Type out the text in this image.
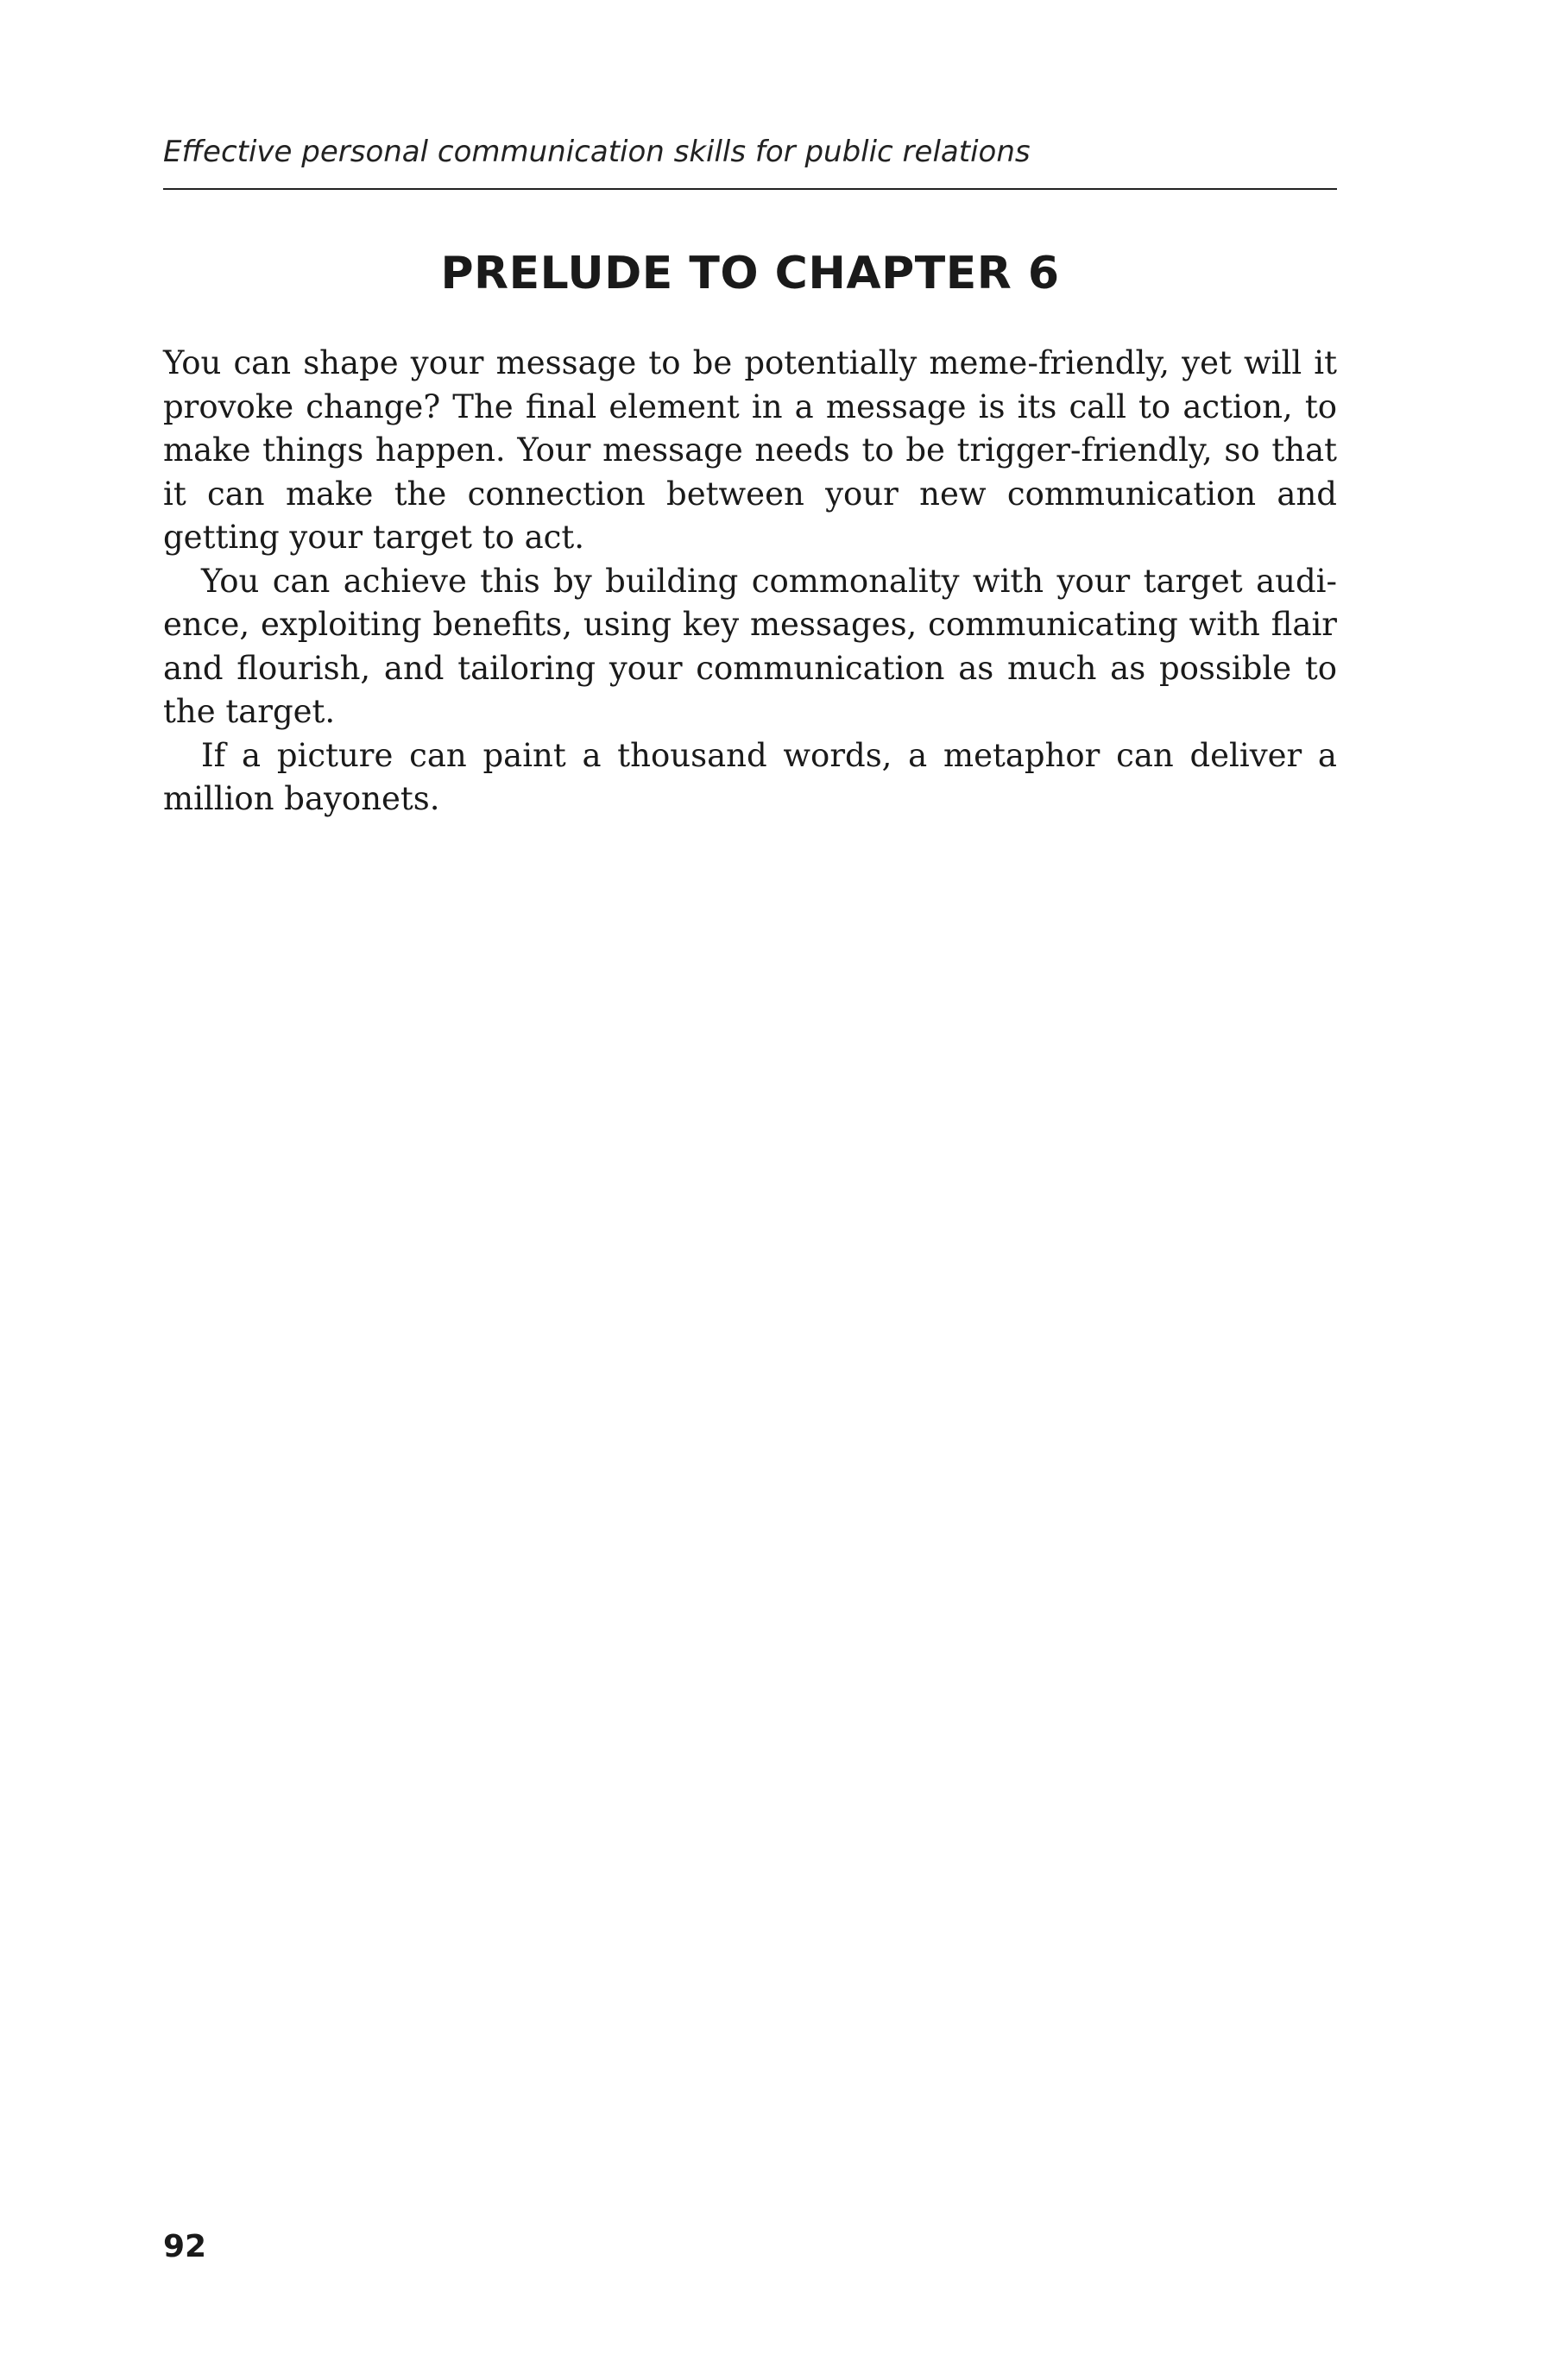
Effective personal communication skills for public relations
PRELUDE TO CHAPTER 6

You can shape your message to be potentially meme-friendly, yet will it provoke change? The final element in a message is its call to action, to make things happen. Your message needs to be trigger-friendly, so that it can make the connection between your new communication and getting your target to act.

You can achieve this by building commonality with your target audience, exploiting benefits, using key messages, communicating with flair and flourish, and tailoring your communication as much as possible to the target.

If a picture can paint a thousand words, a metaphor can deliver a million bayonets.

92
